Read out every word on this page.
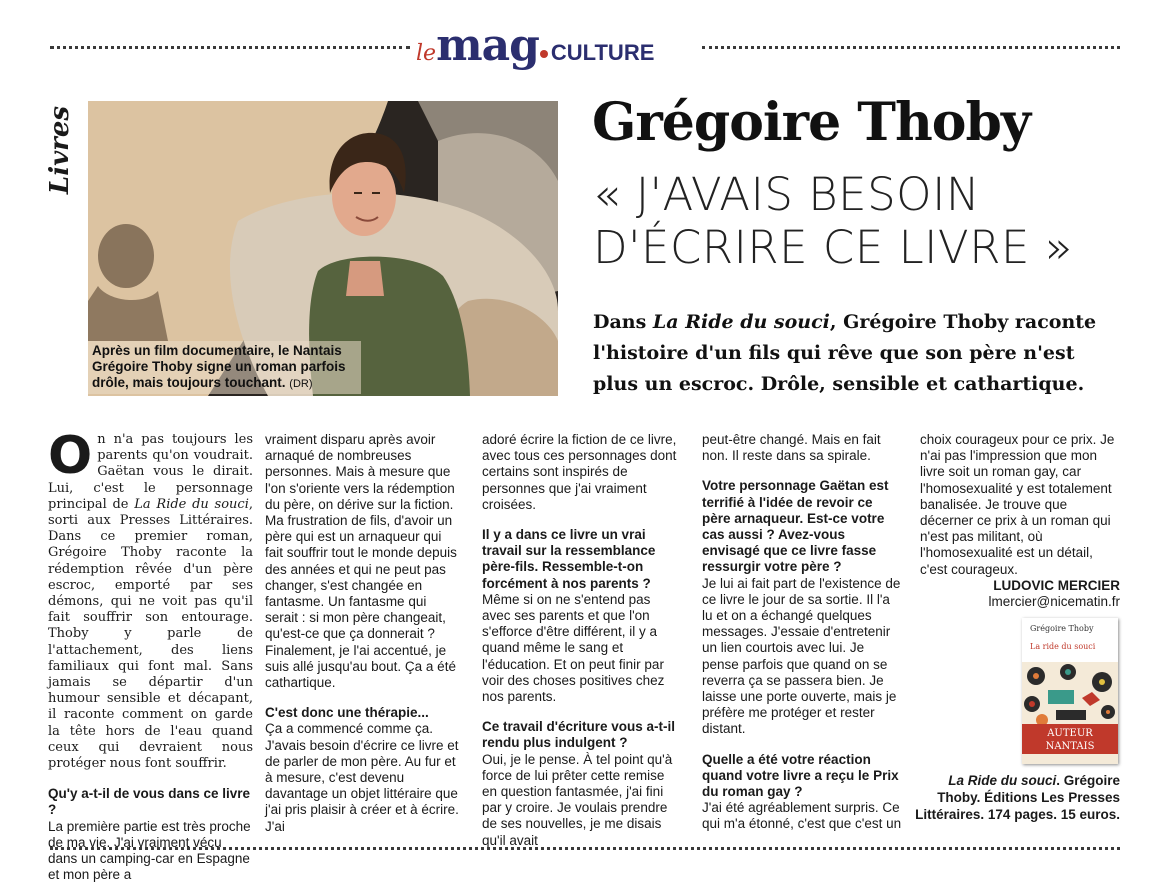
lemag CULTURE
Livres
Après un film documentaire, le Nantais Grégoire Thoby signe un roman parfois drôle, mais toujours touchant. (DR)
Grégoire Thoby
« J'AVAIS BESOIN
D'ÉCRIRE CE LIVRE »
Dans La Ride du souci, Grégoire Thoby raconte l'histoire d'un fils qui rêve que son père n'est plus un escroc. Drôle, sensible et cathartique.

On n'a pas toujours les parents qu'on voudrait. Gaëtan vous le dirait. Lui, c'est le personnage principal de La Ride du souci, sorti aux Presses Littéraires. Dans ce premier roman, Grégoire Thoby raconte la rédemption rêvée d'un père escroc, emporté par ses démons, qui ne voit pas qu'il fait souffrir son entourage. Thoby y parle de l'attachement, des liens familiaux qui font mal. Sans jamais se départir d'un humour sensible et décapant, il raconte comment on garde la tête hors de l'eau quand ceux qui devraient nous protéger nous font souffrir.

Qu'y a-t-il de vous dans ce livre ?

La première partie est très proche de ma vie. J'ai vraiment vécu dans un camping-car en Espagne et mon père a

vraiment disparu après avoir arnaqué de nombreuses personnes. Mais à mesure que l'on s'oriente vers la rédemption du père, on dérive sur la fiction. Ma frustration de fils, d'avoir un père qui est un arnaqueur qui fait souffrir tout le monde depuis des années et qui ne peut pas changer, s'est changée en fantasme. Un fantasme qui serait : si mon père changeait, qu'est-ce que ça donnerait ? Finalement, je l'ai accentué, je suis allé jusqu'au bout. Ça a été cathartique.

C'est donc une thérapie...

Ça a commencé comme ça. J'avais besoin d'écrire ce livre et de parler de mon père. Au fur et à mesure, c'est devenu davantage un objet littéraire que j'ai pris plaisir à créer et à écrire. J'ai

adoré écrire la fiction de ce livre, avec tous ces personnages dont certains sont inspirés de personnes que j'ai vraiment croisées.

Il y a dans ce livre un vrai travail sur la ressemblance père-fils. Ressemble-t-on forcément à nos parents ?

Même si on ne s'entend pas avec ses parents et que l'on s'efforce d'être différent, il y a quand même le sang et l'éducation. Et on peut finir par voir des choses positives chez nos parents.

Ce travail d'écriture vous a-t-il rendu plus indulgent ?

Oui, je le pense. À tel point qu'à force de lui prêter cette remise en question fantasmée, j'ai fini par y croire. Je voulais prendre de ses nouvelles, je me disais qu'il avait

peut-être changé. Mais en fait non. Il reste dans sa spirale.

Votre personnage Gaëtan est terrifié à l'idée de revoir ce père arnaqueur. Est-ce votre cas aussi ? Avez-vous envisagé que ce livre fasse ressurgir votre père ?

Je lui ai fait part de l'existence de ce livre le jour de sa sortie. Il l'a lu et on a échangé quelques messages. J'essaie d'entretenir un lien courtois avec lui. Je pense parfois que quand on se reverra ça se passera bien. Je laisse une porte ouverte, mais je préfère me protéger et rester distant.

Quelle a été votre réaction quand votre livre a reçu le Prix du roman gay ?

J'ai été agréablement surpris. Ce qui m'a étonné, c'est que c'est un

choix courageux pour ce prix. Je n'ai pas l'impression que mon livre soit un roman gay, car l'homosexualité y est totalement banalisée. Je trouve que décerner ce prix à un roman qui n'est pas militant, où l'homosexualité est un détail, c'est courageux.

LUDOVIC MERCIER

lmercier@nicematin.fr

Grégoire Thoby
La ride du souci
AUTEUR NANTAIS
La Ride du souci. Grégoire Thoby. Éditions Les Presses Littéraires. 174 pages. 15 euros.
